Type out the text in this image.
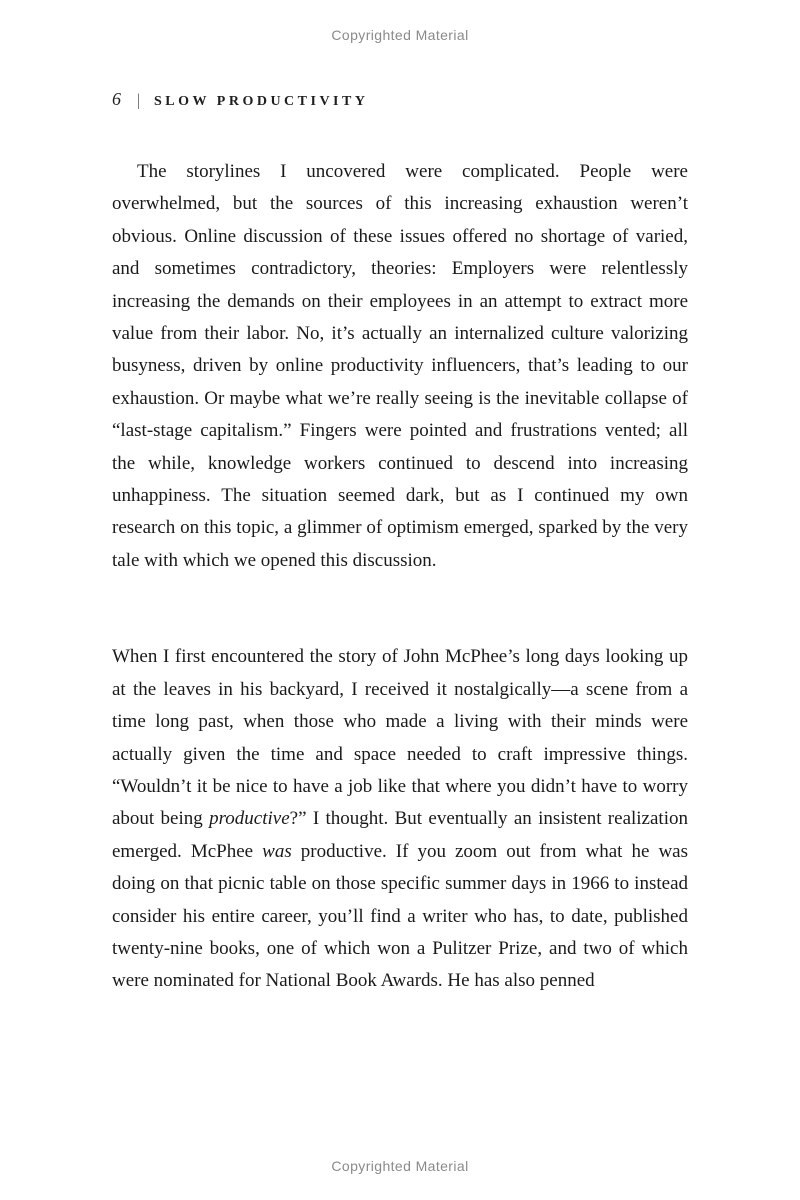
Copyrighted Material
6 | SLOW PRODUCTIVITY

The storylines I uncovered were complicated. People were overwhelmed, but the sources of this increasing exhaustion weren’t obvious. Online discussion of these issues offered no shortage of varied, and sometimes contradictory, theories: Employers were relentlessly increasing the demands on their employees in an attempt to extract more value from their labor. No, it’s actually an internalized culture valorizing busyness, driven by online productivity influencers, that’s leading to our exhaustion. Or maybe what we’re really seeing is the inevitable collapse of “last-stage capitalism.” Fingers were pointed and frustrations vented; all the while, knowledge workers continued to descend into increasing unhappiness. The situation seemed dark, but as I continued my own research on this topic, a glimmer of optimism emerged, sparked by the very tale with which we opened this discussion.

When I first encountered the story of John McPhee’s long days looking up at the leaves in his backyard, I received it nostalgically—a scene from a time long past, when those who made a living with their minds were actually given the time and space needed to craft impressive things. “Wouldn’t it be nice to have a job like that where you didn’t have to worry about being productive?” I thought. But eventually an insistent realization emerged. McPhee was productive. If you zoom out from what he was doing on that picnic table on those specific summer days in 1966 to instead consider his entire career, you’ll find a writer who has, to date, published twenty-nine books, one of which won a Pulitzer Prize, and two of which were nominated for National Book Awards. He has also penned

Copyrighted Material
